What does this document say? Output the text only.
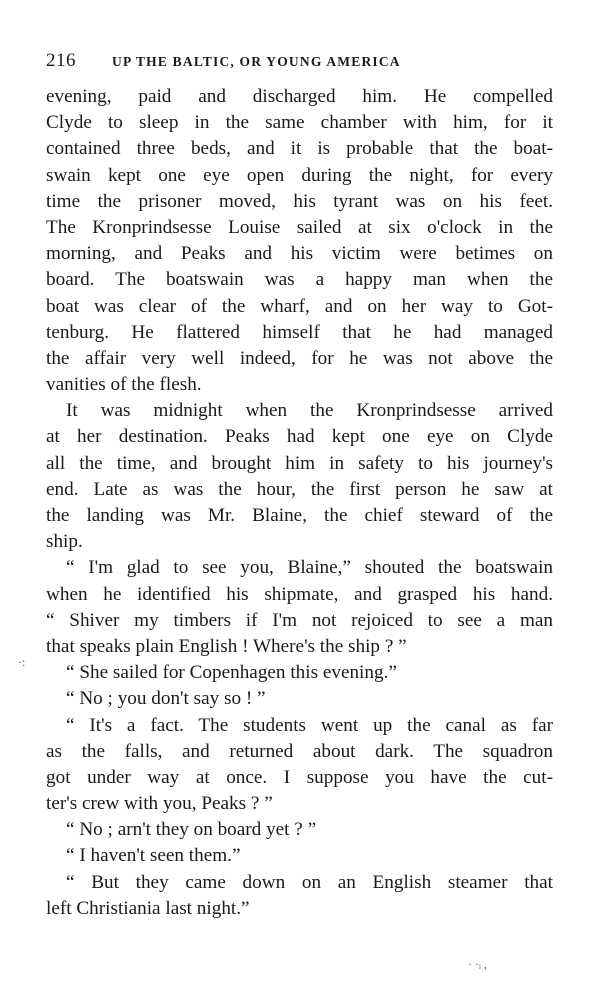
216	UP THE BALTIC, OR YOUNG AMERICA
evening, paid and discharged him. He compelled
Clyde to sleep in the same chamber with him, for it
contained three beds, and it is probable that the boat-
swain kept one eye open during the night, for every
time the prisoner moved, his tyrant was on his feet.
The Kronprindsesse Louise sailed at six o'clock in the
morning, and Peaks and his victim were betimes on
board. The boatswain was a happy man when the
boat was clear of the wharf, and on her way to Got-
tenburg. He flattered himself that he had managed
the affair very well indeed, for he was not above the
vanities of the flesh.
It was midnight when the Kronprindsesse arrived
at her destination. Peaks had kept one eye on Clyde
all the time, and brought him in safety to his journey's
end. Late as was the hour, the first person he saw at
the landing was Mr. Blaine, the chief steward of the
ship.
“ I'm glad to see you, Blaine,” shouted the boatswain
when he identified his shipmate, and grasped his hand.
“ Shiver my timbers if I'm not rejoiced to see a man
that speaks plain English ! Where's the ship ? ”
“ She sailed for Copenhagen this evening.”
“ No ; you don't say so ! ”
“ It's a fact. The students went up the canal as far
as the falls, and returned about dark. The squadron
got under way at once. I suppose you have the cut-
ter's crew with you, Peaks ? ”
“ No ; arn't they on board yet ? ”
“ I haven't seen them.”
“ But they came down on an English steamer that
left Christiania last night.”
·:
· ·ᵢ ,
